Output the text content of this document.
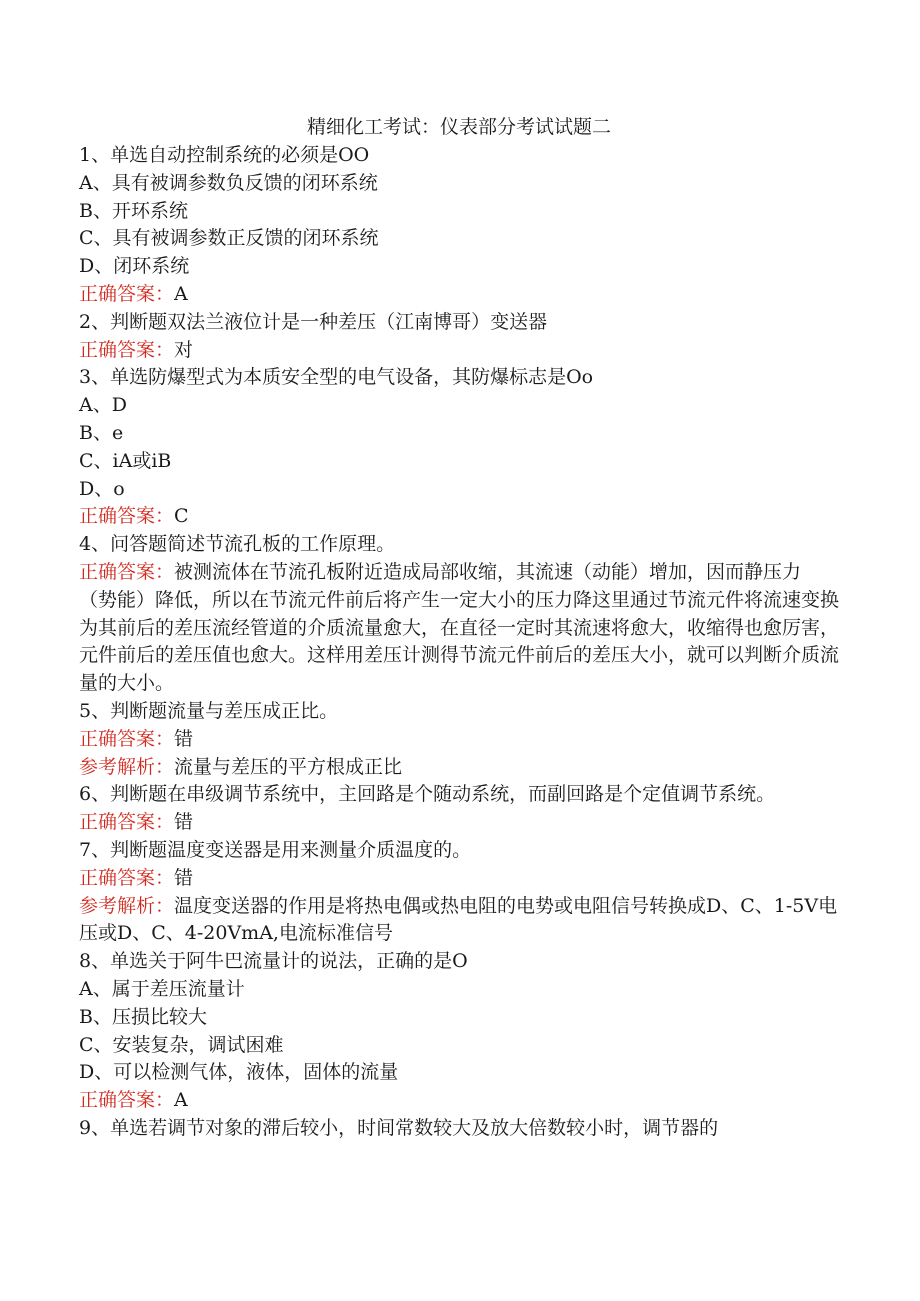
精细化工考试：仪表部分考试试题二

1、单选自动控制系统的必须是OO

A、具有被调参数负反馈的闭环系统

B、开环系统

C、具有被调参数正反馈的闭环系统

D、闭环系统

正确答案：A

2、判断题双法兰液位计是一种差压（江南博哥）变送器

正确答案：对

3、单选防爆型式为本质安全型的电气设备，其防爆标志是Oo

A、D

B、e

C、iA或iB

D、o

正确答案：C

4、问答题简述节流孔板的工作原理。

正确答案：被测流体在节流孔板附近造成局部收缩，其流速（动能）增加，因而静压力（势能）降低，所以在节流元件前后将产生一定大小的压力降这里通过节流元件将流速变换为其前后的差压流经管道的介质流量愈大，在直径一定时其流速将愈大，收缩得也愈厉害，元件前后的差压值也愈大。这样用差压计测得节流元件前后的差压大小，就可以判断介质流量的大小。

5、判断题流量与差压成正比。

正确答案：错

参考解析：流量与差压的平方根成正比

6、判断题在串级调节系统中，主回路是个随动系统，而副回路是个定值调节系统。

正确答案：错

7、判断题温度变送器是用来测量介质温度的。

正确答案：错

参考解析：温度变送器的作用是将热电偶或热电阻的电势或电阻信号转换成D、C、1-5V电压或D、C、4-20VmA,电流标准信号

8、单选关于阿牛巴流量计的说法，正确的是O

A、属于差压流量计

B、压损比较大

C、安装复杂，调试困难

D、可以检测气体，液体，固体的流量

正确答案：A

9、单选若调节对象的滞后较小，时间常数较大及放大倍数较小时，调节器的
